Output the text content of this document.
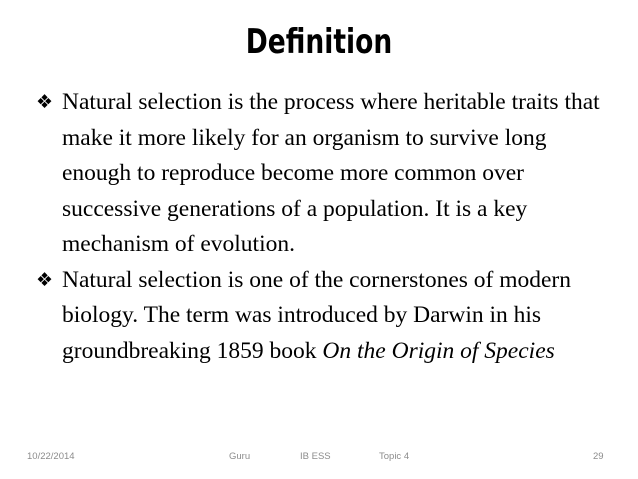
Definition
❖ Natural selection is the process where heritable traits that make it more likely for an organism to survive long enough to reproduce become more common over successive generations of a population. It is a key mechanism of evolution.
❖ Natural selection is one of the cornerstones of modern biology. The term was introduced by Darwin in his groundbreaking 1859 book On the Origin of Species
10/22/2014	Guru	IB ESS	Topic 4	29
